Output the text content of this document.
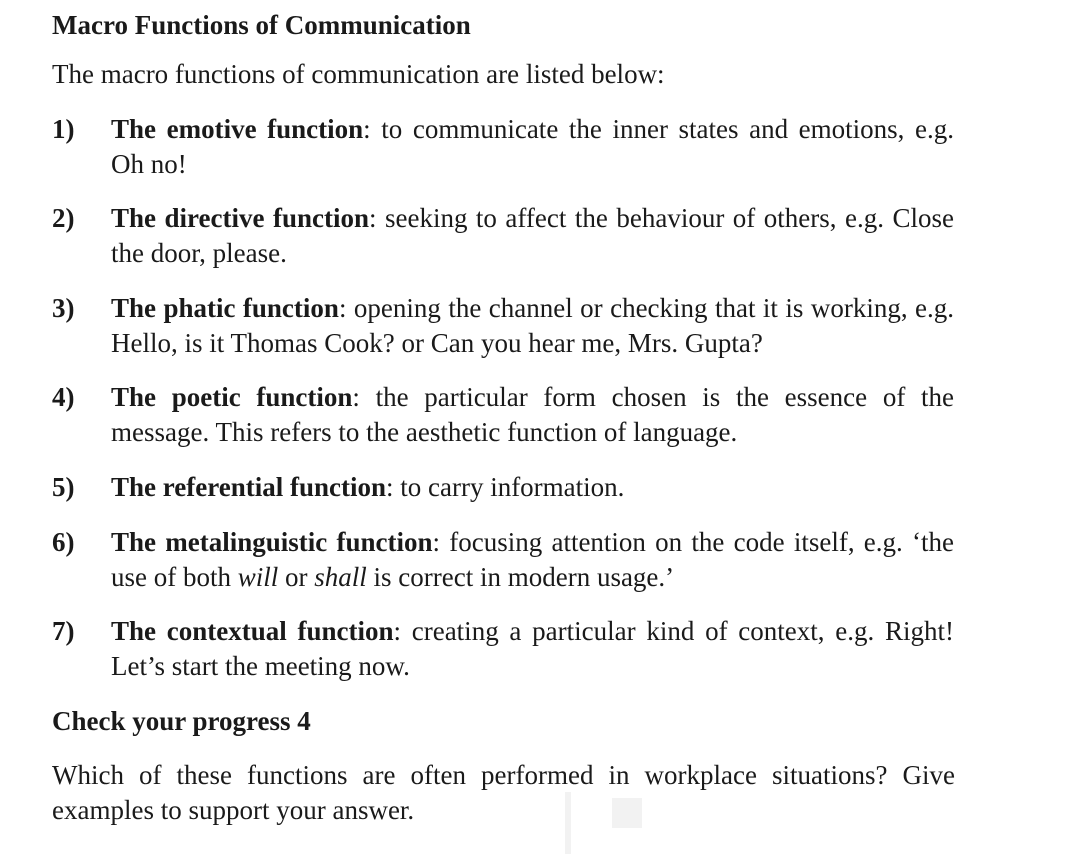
Macro Functions of Communication
The macro functions of communication are listed below:
1) The emotive function: to communicate the inner states and emotions, e.g. Oh no!
2) The directive function: seeking to affect the behaviour of others, e.g. Close the door, please.
3) The phatic function: opening the channel or checking that it is working, e.g. Hello, is it Thomas Cook? or Can you hear me, Mrs. Gupta?
4) The poetic function: the particular form chosen is the essence of the message. This refers to the aesthetic function of language.
5) The referential function: to carry information.
6) The metalinguistic function: focusing attention on the code itself, e.g. ‘the use of both will or shall is correct in modern usage.’
7) The contextual function: creating a particular kind of context, e.g. Right! Let’s start the meeting now.
Check your progress 4
Which of these functions are often performed in workplace situations? Give examples to support your answer.
